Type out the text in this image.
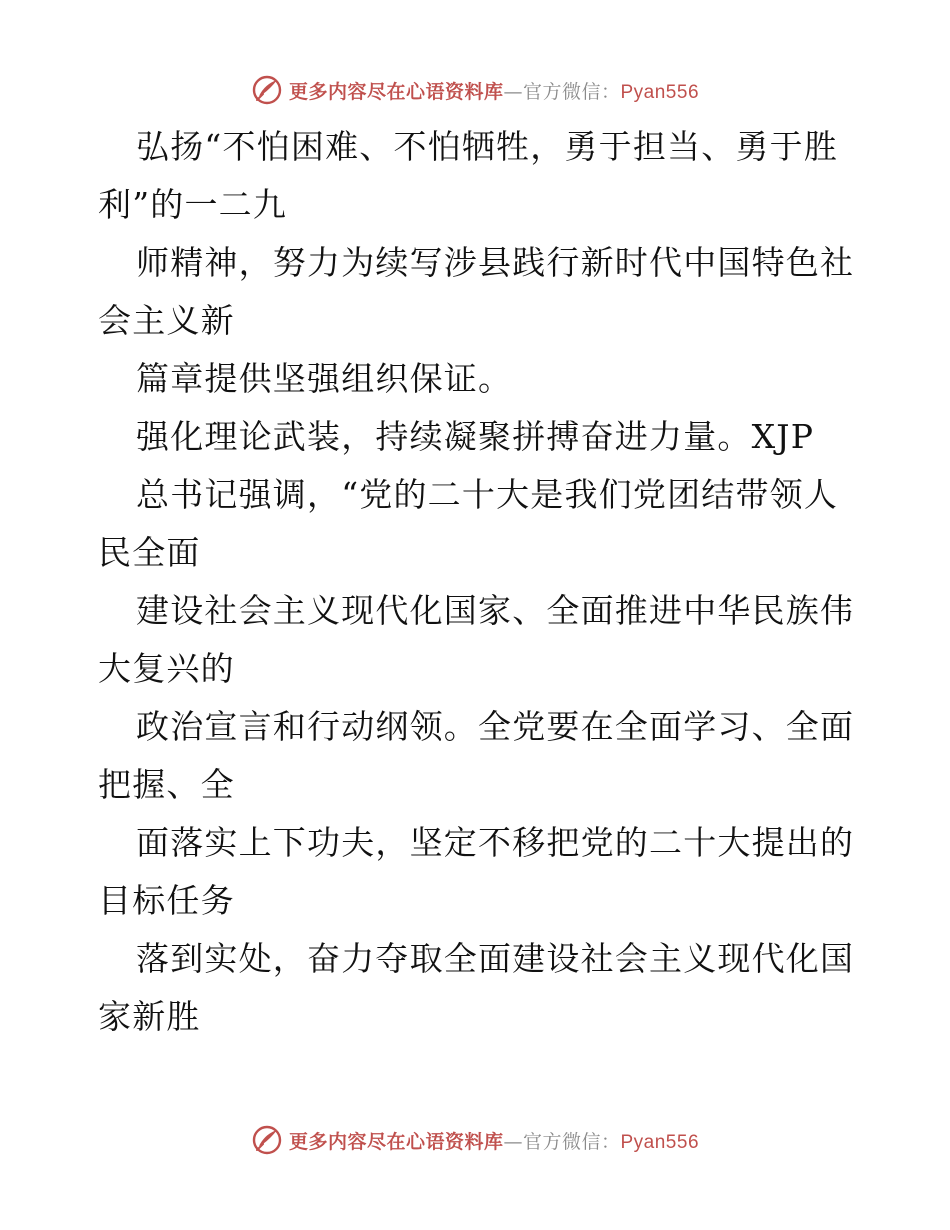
更多内容尽在心语资料库—官方微信：Pyan556
弘扬“不怕困难、不怕牺牲，勇于担当、勇于胜
利”的一二九
师精神，努力为续写涉县践行新时代中国特色社
会主义新
篇章提供坚强组织保证。
强化理论武装，持续凝聚拼搏奋进力量。XJP
总书记强调，“党的二十大是我们党团结带领人
民全面
建设社会主义现代化国家、全面推进中华民族伟
大复兴的
政治宣言和行动纲领。全党要在全面学习、全面
把握、全
面落实上下功夫，坚定不移把党的二十大提出的
目标任务
落到实处，奋力夺取全面建设社会主义现代化国
家新胜
更多内容尽在心语资料库—官方微信：Pyan556
